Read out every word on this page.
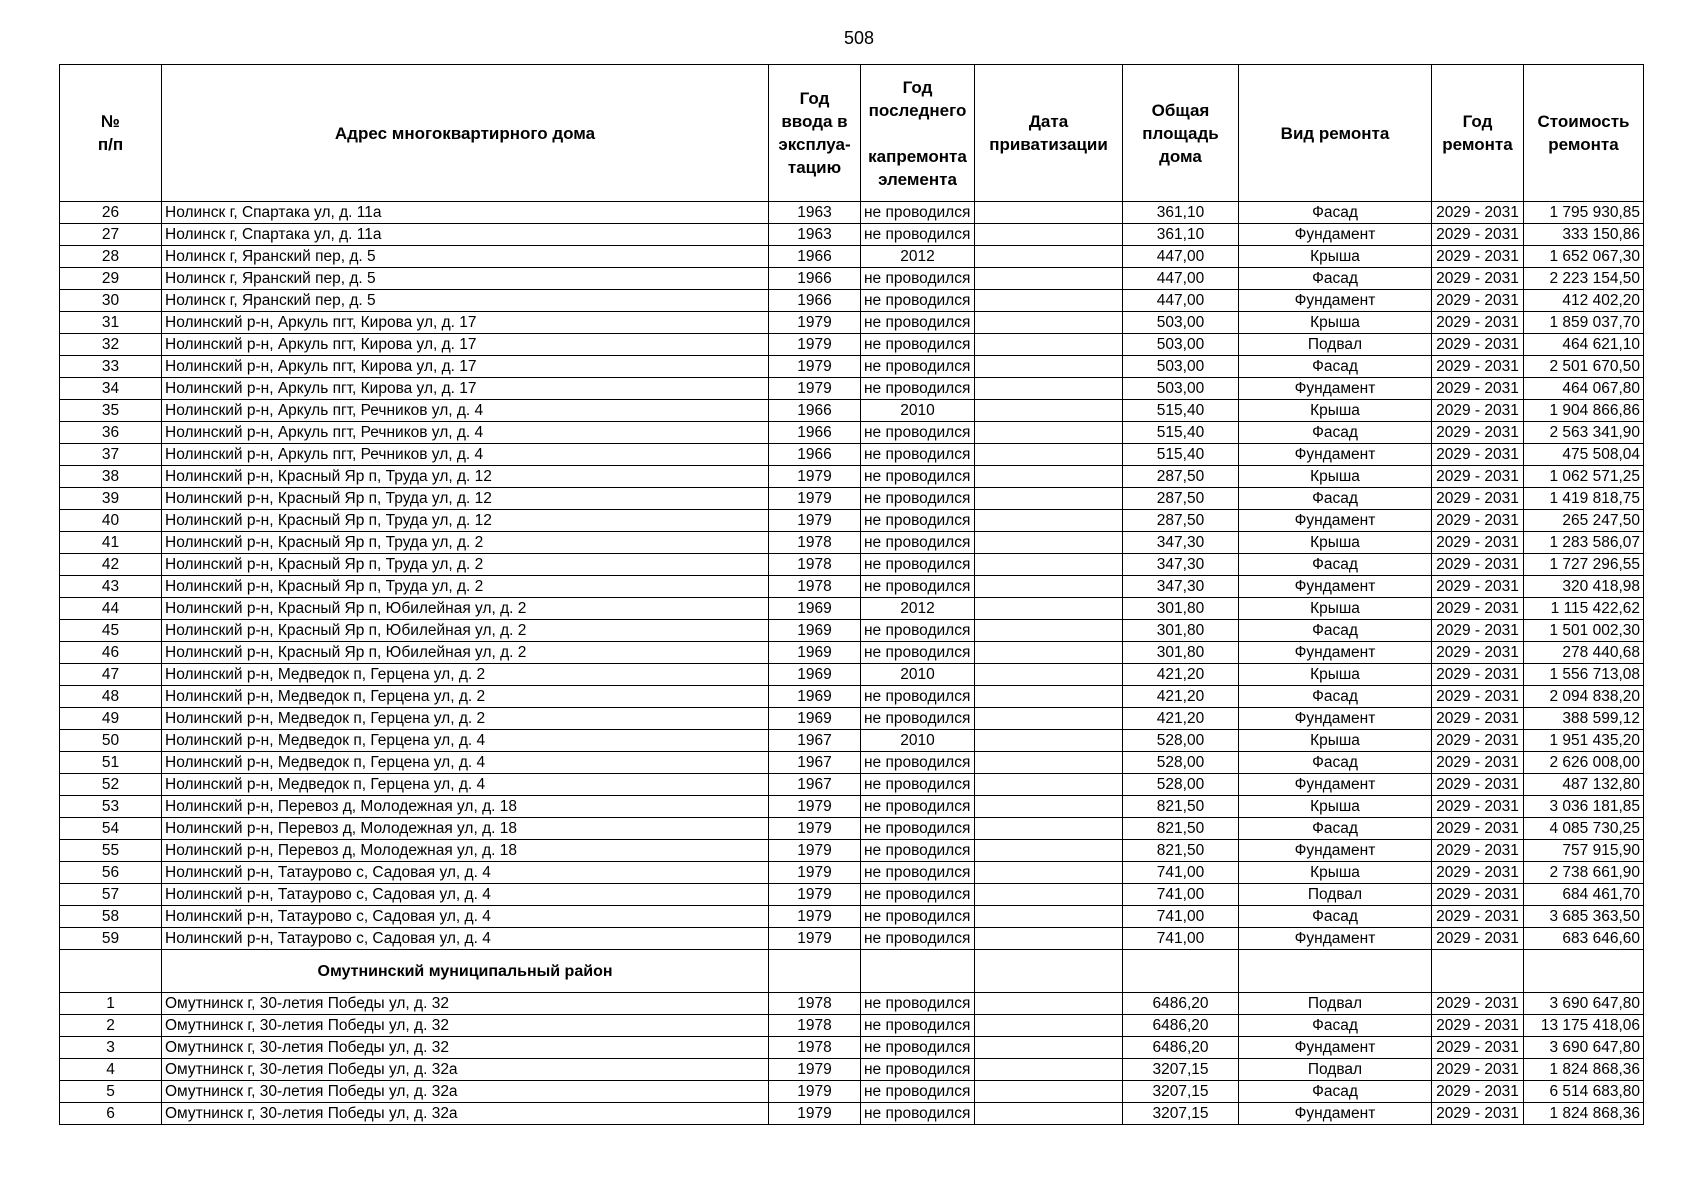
508
№
п/п	Адрес многоквартирного дома	Год
ввода в
эксплуа-
тацию	Год
последнего
капремонта
элемента	Дата
приватизации	Общая
площадь
дома	Вид ремонта	Год
ремонта	Стоимость
ремонта

26	Нолинск г, Спартака ул, д. 11а	1963	не проводился		361,10	Фасад	2029 - 2031	1 795 930,85
27	Нолинск г, Спартака ул, д. 11а	1963	не проводился		361,10	Фундамент	2029 - 2031	333 150,86
28	Нолинск г, Яранский пер, д. 5	1966	2012		447,00	Крыша	2029 - 2031	1 652 067,30
29	Нолинск г, Яранский пер, д. 5	1966	не проводился		447,00	Фасад	2029 - 2031	2 223 154,50
30	Нолинск г, Яранский пер, д. 5	1966	не проводился		447,00	Фундамент	2029 - 2031	412 402,20
31	Нолинский р-н, Аркуль пгт, Кирова ул, д. 17	1979	не проводился		503,00	Крыша	2029 - 2031	1 859 037,70
32	Нолинский р-н, Аркуль пгт, Кирова ул, д. 17	1979	не проводился		503,00	Подвал	2029 - 2031	464 621,10
33	Нолинский р-н, Аркуль пгт, Кирова ул, д. 17	1979	не проводился		503,00	Фасад	2029 - 2031	2 501 670,50
34	Нолинский р-н, Аркуль пгт, Кирова ул, д. 17	1979	не проводился		503,00	Фундамент	2029 - 2031	464 067,80
35	Нолинский р-н, Аркуль пгт, Речников ул, д. 4	1966	2010		515,40	Крыша	2029 - 2031	1 904 866,86
36	Нолинский р-н, Аркуль пгт, Речников ул, д. 4	1966	не проводился		515,40	Фасад	2029 - 2031	2 563 341,90
37	Нолинский р-н, Аркуль пгт, Речников ул, д. 4	1966	не проводился		515,40	Фундамент	2029 - 2031	475 508,04
38	Нолинский р-н, Красный Яр п, Труда ул, д. 12	1979	не проводился		287,50	Крыша	2029 - 2031	1 062 571,25
39	Нолинский р-н, Красный Яр п, Труда ул, д. 12	1979	не проводился		287,50	Фасад	2029 - 2031	1 419 818,75
40	Нолинский р-н, Красный Яр п, Труда ул, д. 12	1979	не проводился		287,50	Фундамент	2029 - 2031	265 247,50
41	Нолинский р-н, Красный Яр п, Труда ул, д. 2	1978	не проводился		347,30	Крыша	2029 - 2031	1 283 586,07
42	Нолинский р-н, Красный Яр п, Труда ул, д. 2	1978	не проводился		347,30	Фасад	2029 - 2031	1 727 296,55
43	Нолинский р-н, Красный Яр п, Труда ул, д. 2	1978	не проводился		347,30	Фундамент	2029 - 2031	320 418,98
44	Нолинский р-н, Красный Яр п, Юбилейная ул, д. 2	1969	2012		301,80	Крыша	2029 - 2031	1 115 422,62
45	Нолинский р-н, Красный Яр п, Юбилейная ул, д. 2	1969	не проводился		301,80	Фасад	2029 - 2031	1 501 002,30
46	Нолинский р-н, Красный Яр п, Юбилейная ул, д. 2	1969	не проводился		301,80	Фундамент	2029 - 2031	278 440,68
47	Нолинский р-н, Медведок п, Герцена ул, д. 2	1969	2010		421,20	Крыша	2029 - 2031	1 556 713,08
48	Нолинский р-н, Медведок п, Герцена ул, д. 2	1969	не проводился		421,20	Фасад	2029 - 2031	2 094 838,20
49	Нолинский р-н, Медведок п, Герцена ул, д. 2	1969	не проводился		421,20	Фундамент	2029 - 2031	388 599,12
50	Нолинский р-н, Медведок п, Герцена ул, д. 4	1967	2010		528,00	Крыша	2029 - 2031	1 951 435,20
51	Нолинский р-н, Медведок п, Герцена ул, д. 4	1967	не проводился		528,00	Фасад	2029 - 2031	2 626 008,00
52	Нолинский р-н, Медведок п, Герцена ул, д. 4	1967	не проводился		528,00	Фундамент	2029 - 2031	487 132,80
53	Нолинский р-н, Перевоз д, Молодежная ул, д. 18	1979	не проводился		821,50	Крыша	2029 - 2031	3 036 181,85
54	Нолинский р-н, Перевоз д, Молодежная ул, д. 18	1979	не проводился		821,50	Фасад	2029 - 2031	4 085 730,25
55	Нолинский р-н, Перевоз д, Молодежная ул, д. 18	1979	не проводился		821,50	Фундамент	2029 - 2031	757 915,90
56	Нолинский р-н, Татаурово с, Садовая ул, д. 4	1979	не проводился		741,00	Крыша	2029 - 2031	2 738 661,90
57	Нолинский р-н, Татаурово с, Садовая ул, д. 4	1979	не проводился		741,00	Подвал	2029 - 2031	684 461,70
58	Нолинский р-н, Татаурово с, Садовая ул, д. 4	1979	не проводился		741,00	Фасад	2029 - 2031	3 685 363,50
59	Нолинский р-н, Татаурово с, Садовая ул, д. 4	1979	не проводился		741,00	Фундамент	2029 - 2031	683 646,60
	Омутнинский муниципальный район							
1	Омутнинск г, 30-летия Победы ул, д. 32	1978	не проводился		6486,20	Подвал	2029 - 2031	3 690 647,80
2	Омутнинск г, 30-летия Победы ул, д. 32	1978	не проводился		6486,20	Фасад	2029 - 2031	13 175 418,06
3	Омутнинск г, 30-летия Победы ул, д. 32	1978	не проводился		6486,20	Фундамент	2029 - 2031	3 690 647,80
4	Омутнинск г, 30-летия Победы ул, д. 32а	1979	не проводился		3207,15	Подвал	2029 - 2031	1 824 868,36
5	Омутнинск г, 30-летия Победы ул, д. 32а	1979	не проводился		3207,15	Фасад	2029 - 2031	6 514 683,80
6	Омутнинск г, 30-летия Победы ул, д. 32а	1979	не проводился		3207,15	Фундамент	2029 - 2031	1 824 868,36
